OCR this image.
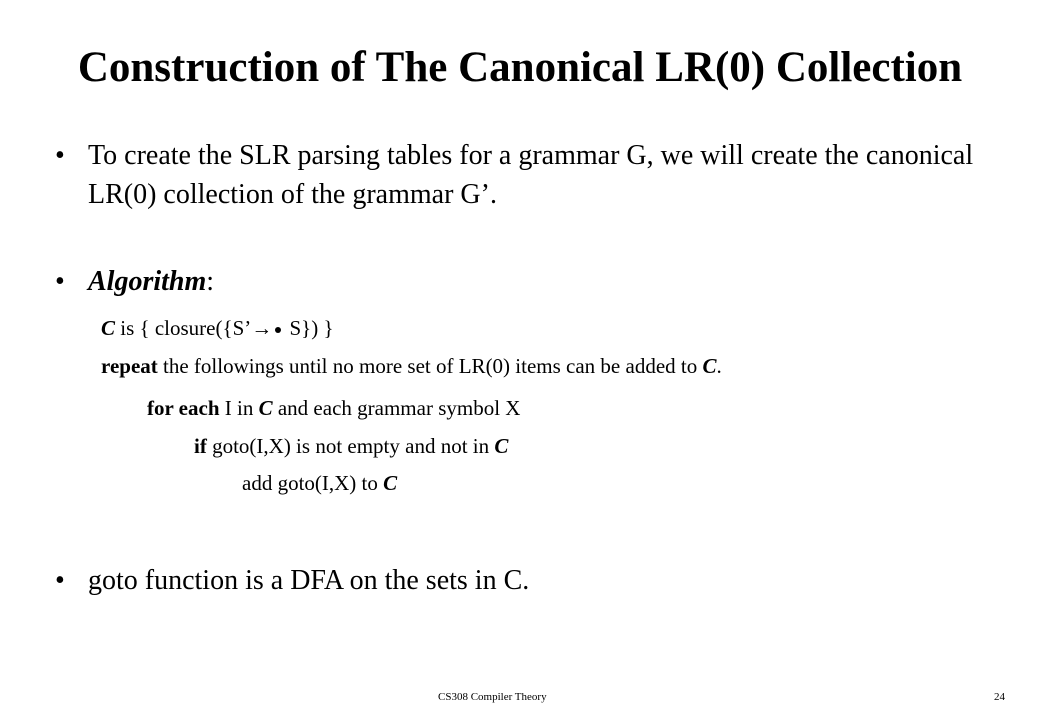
Construction of The Canonical LR(0) Collection
• To create the SLR parsing tables for a grammar G, we will create the canonical LR(0) collection of the grammar G’.
• Algorithm:
C is { closure({S’→ S}) }
repeat the followings until no more set of LR(0) items can be added to C.
for each I in C and each grammar symbol X
if goto(I,X) is not empty and not in C
add goto(I,X) to C
• goto function is a DFA on the sets in C.
CS308 Compiler Theory	24
